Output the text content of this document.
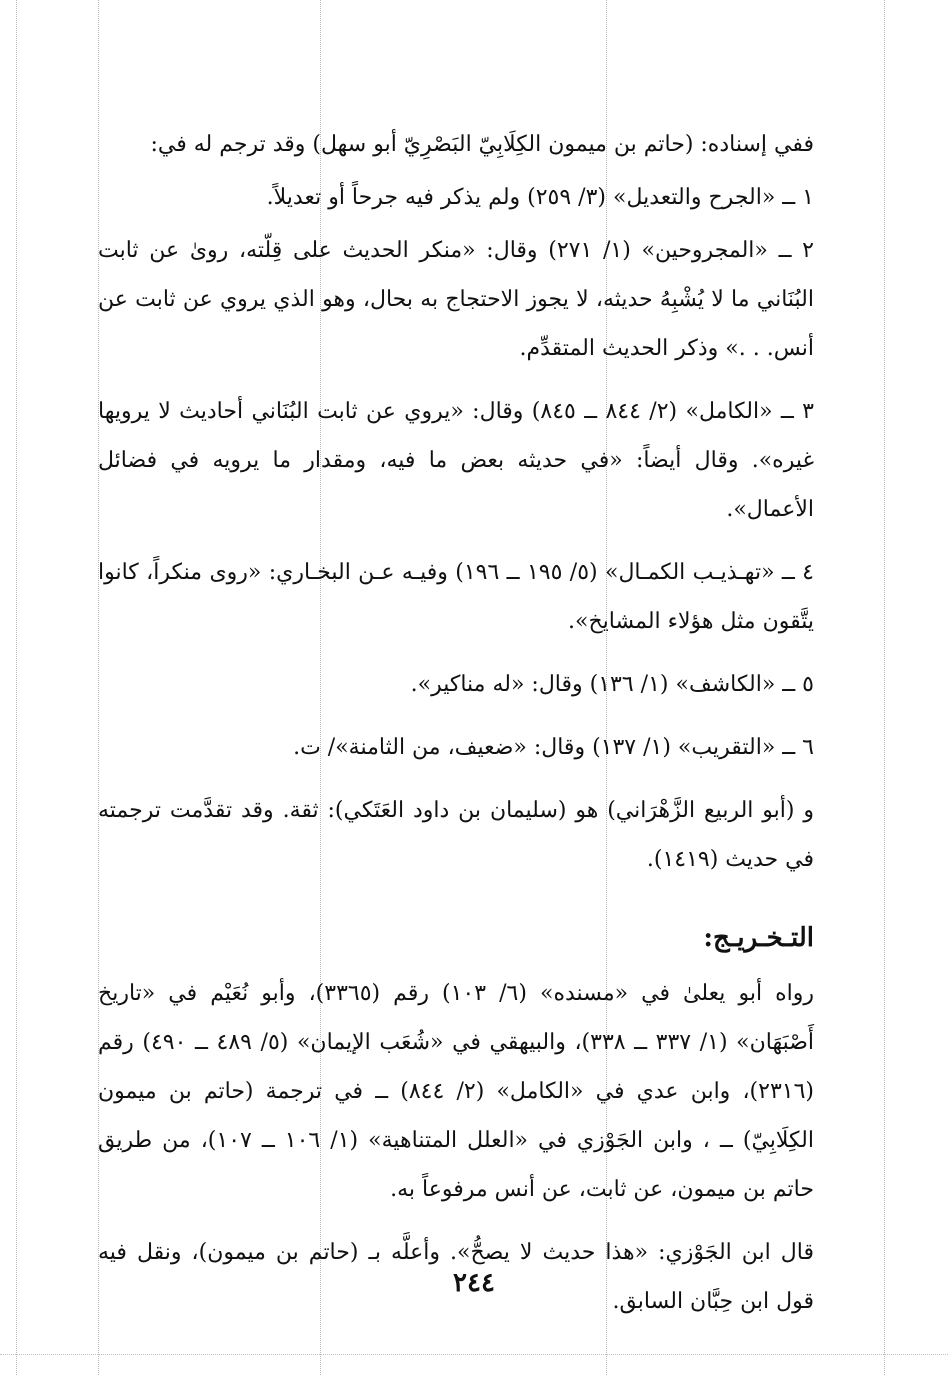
ففي إسناده: (حاتم بن ميمون الكِلَابِيّ البَصْرِيّ أبو سهل) وقد ترجم له في:

١ ــ «الجرح والتعديل» (٣/ ٢٥٩) ولم يذكر فيه جرحاً أو تعديلاً.

٢ ــ «المجروحين» (١/ ٢٧١) وقال: «منكر الحديث على قِلّته، روىٰ عن ثابت البُنَاني ما لا يُشْبِهُ حديثه، لا يجوز الاحتجاج به بحال، وهو الذي يروي عن ثابت عن أنس. . .» وذكر الحديث المتقدِّم.

٣ ــ «الكامل» (٢/ ٨٤٤ ــ ٨٤٥) وقال: «يروي عن ثابت البُنَاني أحاديث لا يرويها غيره». وقال أيضاً: «في حديثه بعض ما فيه، ومقدار ما يرويه في فضائل الأعمال».

٤ ــ «تهـذيـب الكمـال» (٥/ ١٩٥ ــ ١٩٦) وفيـه عـن البخـاري: «روى منكراً، كانوا يتَّقون مثل هؤلاء المشايخ».

٥ ــ «الكاشف» (١/ ١٣٦) وقال: «له مناكير».

٦ ــ «التقريب» (١/ ١٣٧) وقال: «ضعيف، من الثامنة»/ ت.

و (أبو الربيع الزَّهْرَاني) هو (سليمان بن داود العَتَكي): ثقة. وقد تقدَّمت ترجمته في حديث (١٤١٩).

التـخـريـج:

رواه أبو يعلىٰ في «مسنده» (٦/ ١٠٣) رقم (٣٣٦٥)، وأبو نُعَيْم في «تاريخ أَصْبَهَان» (١/ ٣٣٧ ــ ٣٣٨)، والبيهقي في «شُعَب الإيمان» (٥/ ٤٨٩ ــ ٤٩٠) رقم (٢٣١٦)، وابن عدي في «الكامل» (٢/ ٨٤٤) ــ في ترجمة (حاتم بن ميمون الكِلَابِيّ) ــ ، وابن الجَوْزي في «العلل المتناهية» (١/ ١٠٦ ــ ١٠٧)، من طريق حاتم بن ميمون، عن ثابت، عن أنس مرفوعاً به.

قال ابن الجَوْزي: «هذا حديث لا يصحُّ». وأعلَّه بـ (حاتم بن ميمون)، ونقل فيه قول ابن حِبَّان السابق.

٢٤٤
